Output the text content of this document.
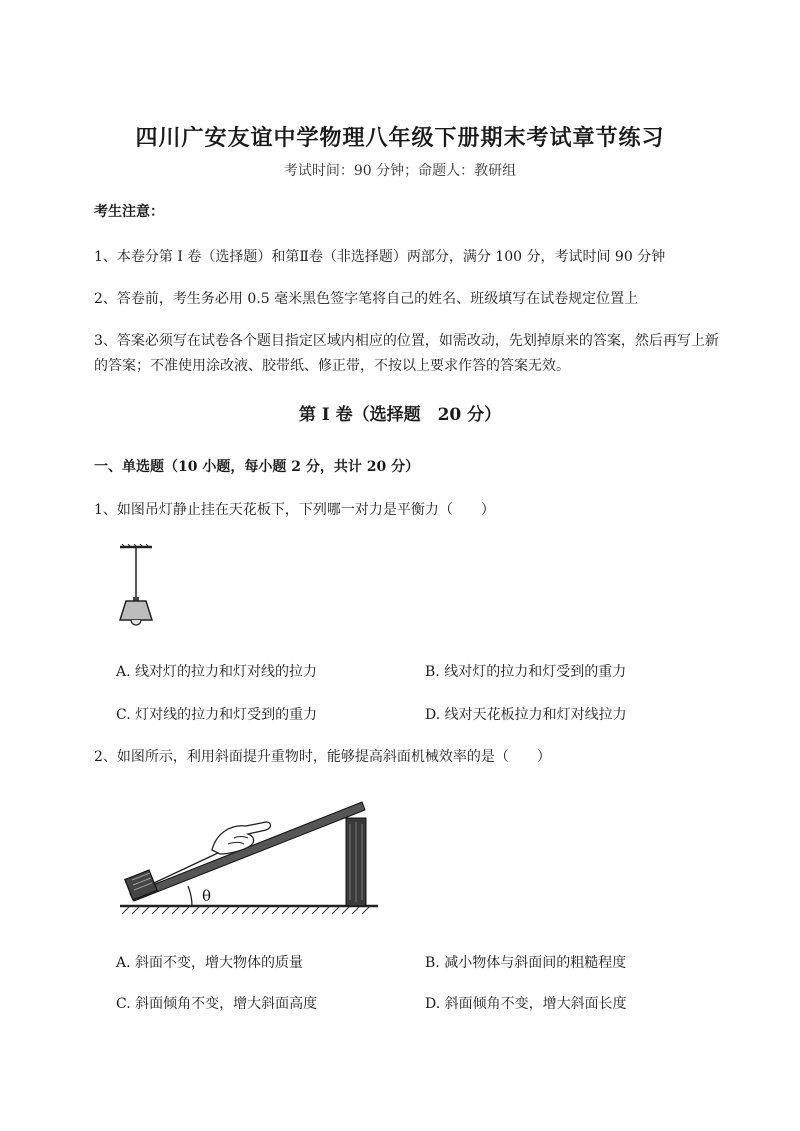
四川广安友谊中学物理八年级下册期末考试章节练习
考试时间：90 分钟；命题人：教研组
考生注意：
1、本卷分第 I 卷（选择题）和第Ⅱ卷（非选择题）两部分，满分 100 分，考试时间 90 分钟
2、答卷前，考生务必用 0.5 毫米黑色签字笔将自己的姓名、班级填写在试卷规定位置上
3、答案必须写在试卷各个题目指定区域内相应的位置，如需改动，先划掉原来的答案，然后再写上新
的答案；不准使用涂改液、胶带纸、修正带，不按以上要求作答的答案无效。
第 I 卷（选择题　20 分）
一、单选题（10 小题，每小题 2 分，共计 20 分）
1、如图吊灯静止挂在天花板下，下列哪一对力是平衡力（　　）
A. 线对灯的拉力和灯对线的拉力	B. 线对灯的拉力和灯受到的重力
C. 灯对线的拉力和灯受到的重力	D. 线对天花板拉力和灯对线拉力
2、如图所示，利用斜面提升重物时，能够提高斜面机械效率的是（　　）
θ
A. 斜面不变，增大物体的质量	B. 减小物体与斜面间的粗糙程度
C. 斜面倾角不变，增大斜面高度	D. 斜面倾角不变，增大斜面长度
